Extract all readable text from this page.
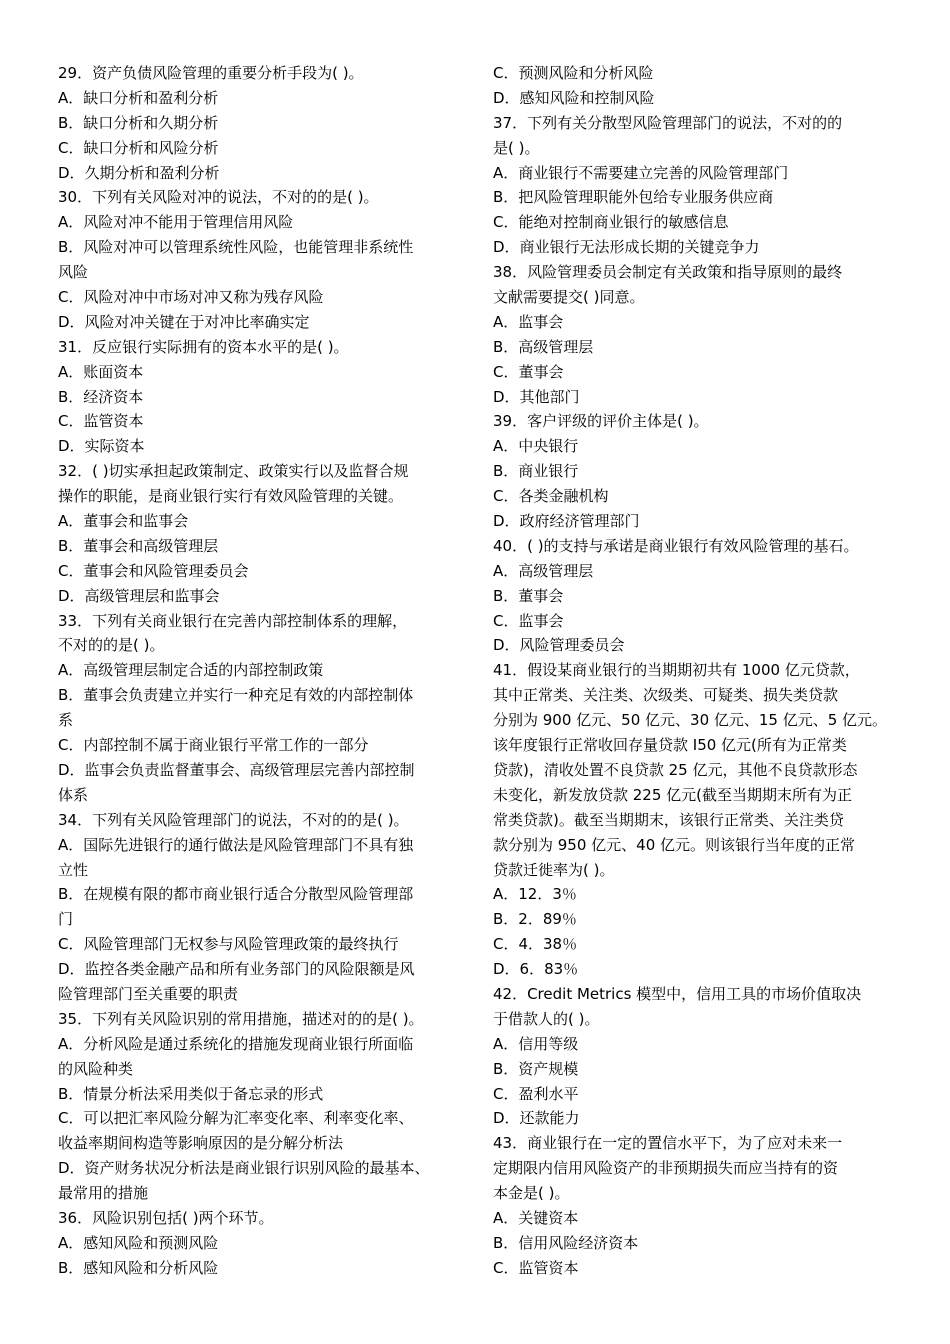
29．资产负债风险管理的重要分析手段为( )。
A．缺口分析和盈利分析
B．缺口分析和久期分析
C．缺口分析和风险分析
D．久期分析和盈利分析
30．下列有关风险对冲的说法，不对的的是( )。
A．风险对冲不能用于管理信用风险
B．风险对冲可以管理系统性风险，也能管理非系统性
风险
C．风险对冲中市场对冲又称为残存风险
D．风险对冲关键在于对冲比率确实定
31．反应银行实际拥有的资本水平的是( )。
A．账面资本
B．经济资本
C．监管资本
D．实际资本
32．( )切实承担起政策制定、政策实行以及监督合规
操作的职能，是商业银行实行有效风险管理的关键。
A．董事会和监事会
B．董事会和高级管理层
C．董事会和风险管理委员会
D．高级管理层和监事会
33．下列有关商业银行在完善内部控制体系的理解，
不对的的是( )。
A．高级管理层制定合适的内部控制政策
B．董事会负责建立并实行一种充足有效的内部控制体
系
C．内部控制不属于商业银行平常工作的一部分
D．监事会负责监督董事会、高级管理层完善内部控制
体系
34．下列有关风险管理部门的说法，不对的的是( )。
A．国际先进银行的通行做法是风险管理部门不具有独
立性
B．在规模有限的都市商业银行适合分散型风险管理部
门
C．风险管理部门无权参与风险管理政策的最终执行
D．监控各类金融产品和所有业务部门的风险限额是风
险管理部门至关重要的职责
35．下列有关风险识别的常用措施，描述对的的是( )。
A．分析风险是通过系统化的措施发现商业银行所面临
的风险种类
B．情景分析法采用类似于备忘录的形式
C．可以把汇率风险分解为汇率变化率、利率变化率、
收益率期间构造等影响原因的是分解分析法
D．资产财务状况分析法是商业银行识别风险的最基本、
最常用的措施
36．风险识别包括( )两个环节。
A．感知风险和预测风险
B．感知风险和分析风险
C．预测风险和分析风险
D．感知风险和控制风险
37．下列有关分散型风险管理部门的说法，不对的的
是( )。
A．商业银行不需要建立完善的风险管理部门
B．把风险管理职能外包给专业服务供应商
C．能绝对控制商业银行的敏感信息
D．商业银行无法形成长期的关键竞争力
38．风险管理委员会制定有关政策和指导原则的最终
文献需要提交( )同意。
A．监事会
B．高级管理层
C．董事会
D．其他部门
39．客户评级的评价主体是( )。
A．中央银行
B．商业银行
C．各类金融机构
D．政府经济管理部门
40．( )的支持与承诺是商业银行有效风险管理的基石。
A．高级管理层
B．董事会
C．监事会
D．风险管理委员会
41．假设某商业银行的当期期初共有 1000 亿元贷款，
其中正常类、关注类、次级类、可疑类、损失类贷款
分别为 900 亿元、50 亿元、30 亿元、15 亿元、5 亿元。
该年度银行正常收回存量贷款 I50 亿元(所有为正常类
贷款)，清收处置不良贷款 25 亿元，其他不良贷款形态
未变化，新发放贷款 225 亿元(截至当期期末所有为正
常类贷款)。截至当期期末，该银行正常类、关注类贷
款分别为 950 亿元、40 亿元。则该银行当年度的正常
贷款迁徙率为( )。
A．12．3％
B．2．89％
C．4．38％
D．6．83％
42．Credit Metrics 模型中，信用工具的市场价值取决
于借款人的( )。
A．信用等级
B．资产规模
C．盈利水平
D．还款能力
43．商业银行在一定的置信水平下，为了应对未来一
定期限内信用风险资产的非预期损失而应当持有的资
本金是( )。
A．关键资本
B．信用风险经济资本
C．监管资本
